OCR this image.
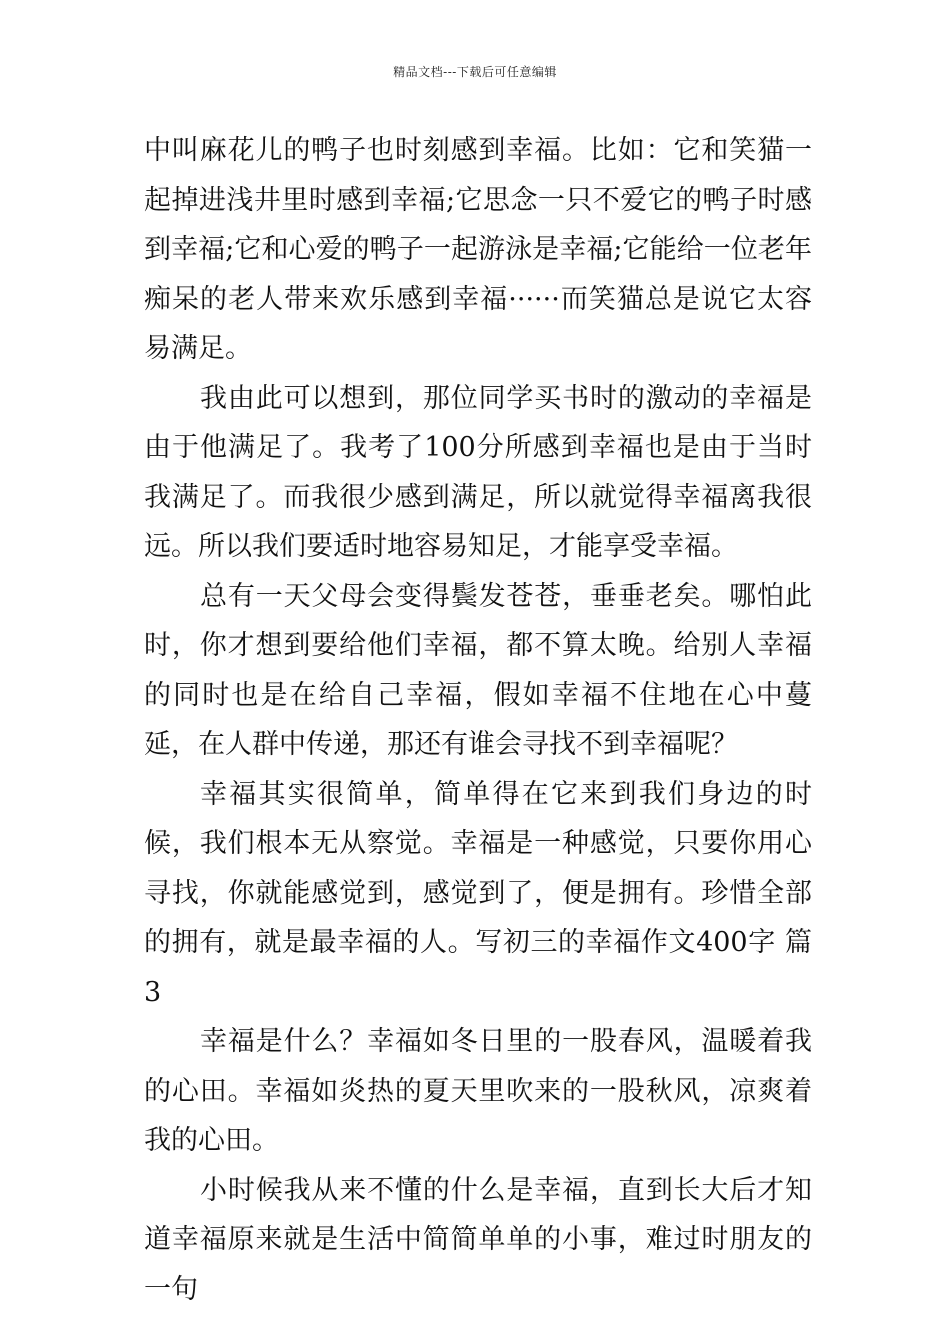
精品文档---下载后可任意编辑

中叫麻花儿的鸭子也时刻感到幸福。比如：它和笑猫一起掉进浅井里时感到幸福;它思念一只不爱它的鸭子时感到幸福;它和心爱的鸭子一起游泳是幸福;它能给一位老年痴呆的老人带来欢乐感到幸福······而笑猫总是说它太容易满足。

我由此可以想到，那位同学买书时的激动的幸福是由于他满足了。我考了100分所感到幸福也是由于当时我满足了。而我很少感到满足，所以就觉得幸福离我很远。所以我们要适时地容易知足，才能享受幸福。

总有一天父母会变得鬓发苍苍，垂垂老矣。哪怕此时，你才想到要给他们幸福，都不算太晚。给别人幸福的同时也是在给自己幸福，假如幸福不住地在心中蔓延，在人群中传递，那还有谁会寻找不到幸福呢？

幸福其实很简单，简单得在它来到我们身边的时候，我们根本无从察觉。幸福是一种感觉，只要你用心寻找，你就能感觉到，感觉到了，便是拥有。珍惜全部的拥有，就是最幸福的人。写初三的幸福作文400字 篇3

幸福是什么？幸福如冬日里的一股春风，温暖着我的心田。幸福如炎热的夏天里吹来的一股秋风，凉爽着我的心田。

小时候我从来不懂的什么是幸福，直到长大后才知道幸福原来就是生活中简简单单的小事，难过时朋友的一句
